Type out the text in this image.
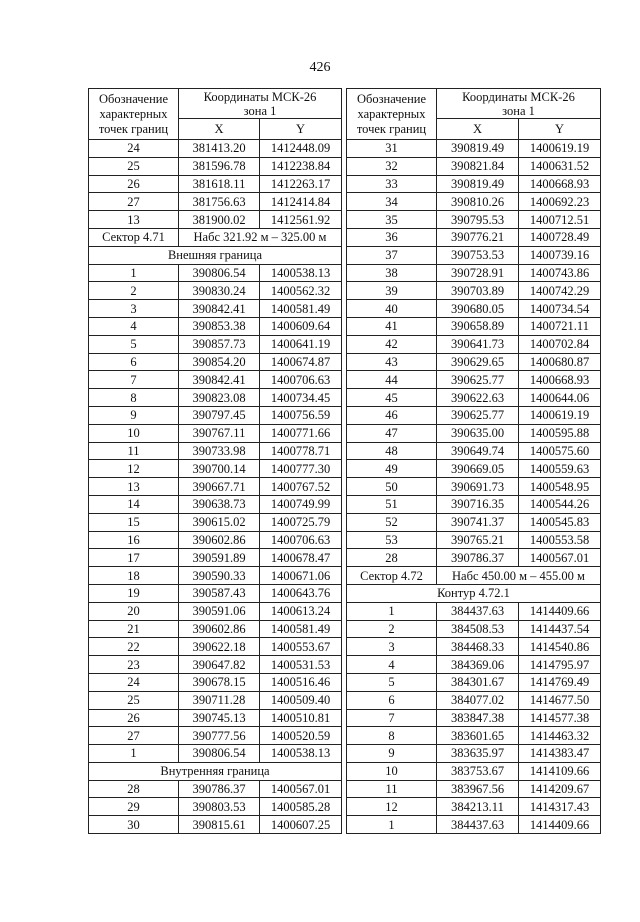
426
Обозначение
характерных
точек границ	Координаты МСК-26
зона 1	
	X	Y
24	381413.20	1412448.09
25	381596.78	1412238.84
26	381618.11	1412263.17
27	381756.63	1412414.84
13	381900.02	1412561.92
Сектор 4.71	Набс 321.92 м – 325.00 м	
Внешняя граница		
1	390806.54	1400538.13
2	390830.24	1400562.32
3	390842.41	1400581.49
4	390853.38	1400609.64
5	390857.73	1400641.19
6	390854.20	1400674.87
7	390842.41	1400706.63
8	390823.08	1400734.45
9	390797.45	1400756.59
10	390767.11	1400771.66
11	390733.98	1400778.71
12	390700.14	1400777.30
13	390667.71	1400767.52
14	390638.73	1400749.99
15	390615.02	1400725.79
16	390602.86	1400706.63
17	390591.89	1400678.47
18	390590.33	1400671.06
19	390587.43	1400643.76
20	390591.06	1400613.24
21	390602.86	1400581.49
22	390622.18	1400553.67
23	390647.82	1400531.53
24	390678.15	1400516.46
25	390711.28	1400509.40
26	390745.13	1400510.81
27	390777.56	1400520.59
1	390806.54	1400538.13
Внутренняя граница		
28	390786.37	1400567.01
29	390803.53	1400585.28
30	390815.61	1400607.25
Обозначение
характерных
точек границ	Координаты МСК-26
зона 1	
	X	Y
31	390819.49	1400619.19
32	390821.84	1400631.52
33	390819.49	1400668.93
34	390810.26	1400692.23
35	390795.53	1400712.51
36	390776.21	1400728.49
37	390753.53	1400739.16
38	390728.91	1400743.86
39	390703.89	1400742.29
40	390680.05	1400734.54
41	390658.89	1400721.11
42	390641.73	1400702.84
43	390629.65	1400680.87
44	390625.77	1400668.93
45	390622.63	1400644.06
46	390625.77	1400619.19
47	390635.00	1400595.88
48	390649.74	1400575.60
49	390669.05	1400559.63
50	390691.73	1400548.95
51	390716.35	1400544.26
52	390741.37	1400545.83
53	390765.21	1400553.58
28	390786.37	1400567.01
Сектор 4.72	Набс 450.00 м – 455.00 м	
Контур 4.72.1		
1	384437.63	1414409.66
2	384508.53	1414437.54
3	384468.33	1414540.86
4	384369.06	1414795.97
5	384301.67	1414769.49
6	384077.02	1414677.50
7	383847.38	1414577.38
8	383601.65	1414463.32
9	383635.97	1414383.47
10	383753.67	1414109.66
11	383967.56	1414209.67
12	384213.11	1414317.43
1	384437.63	1414409.66
